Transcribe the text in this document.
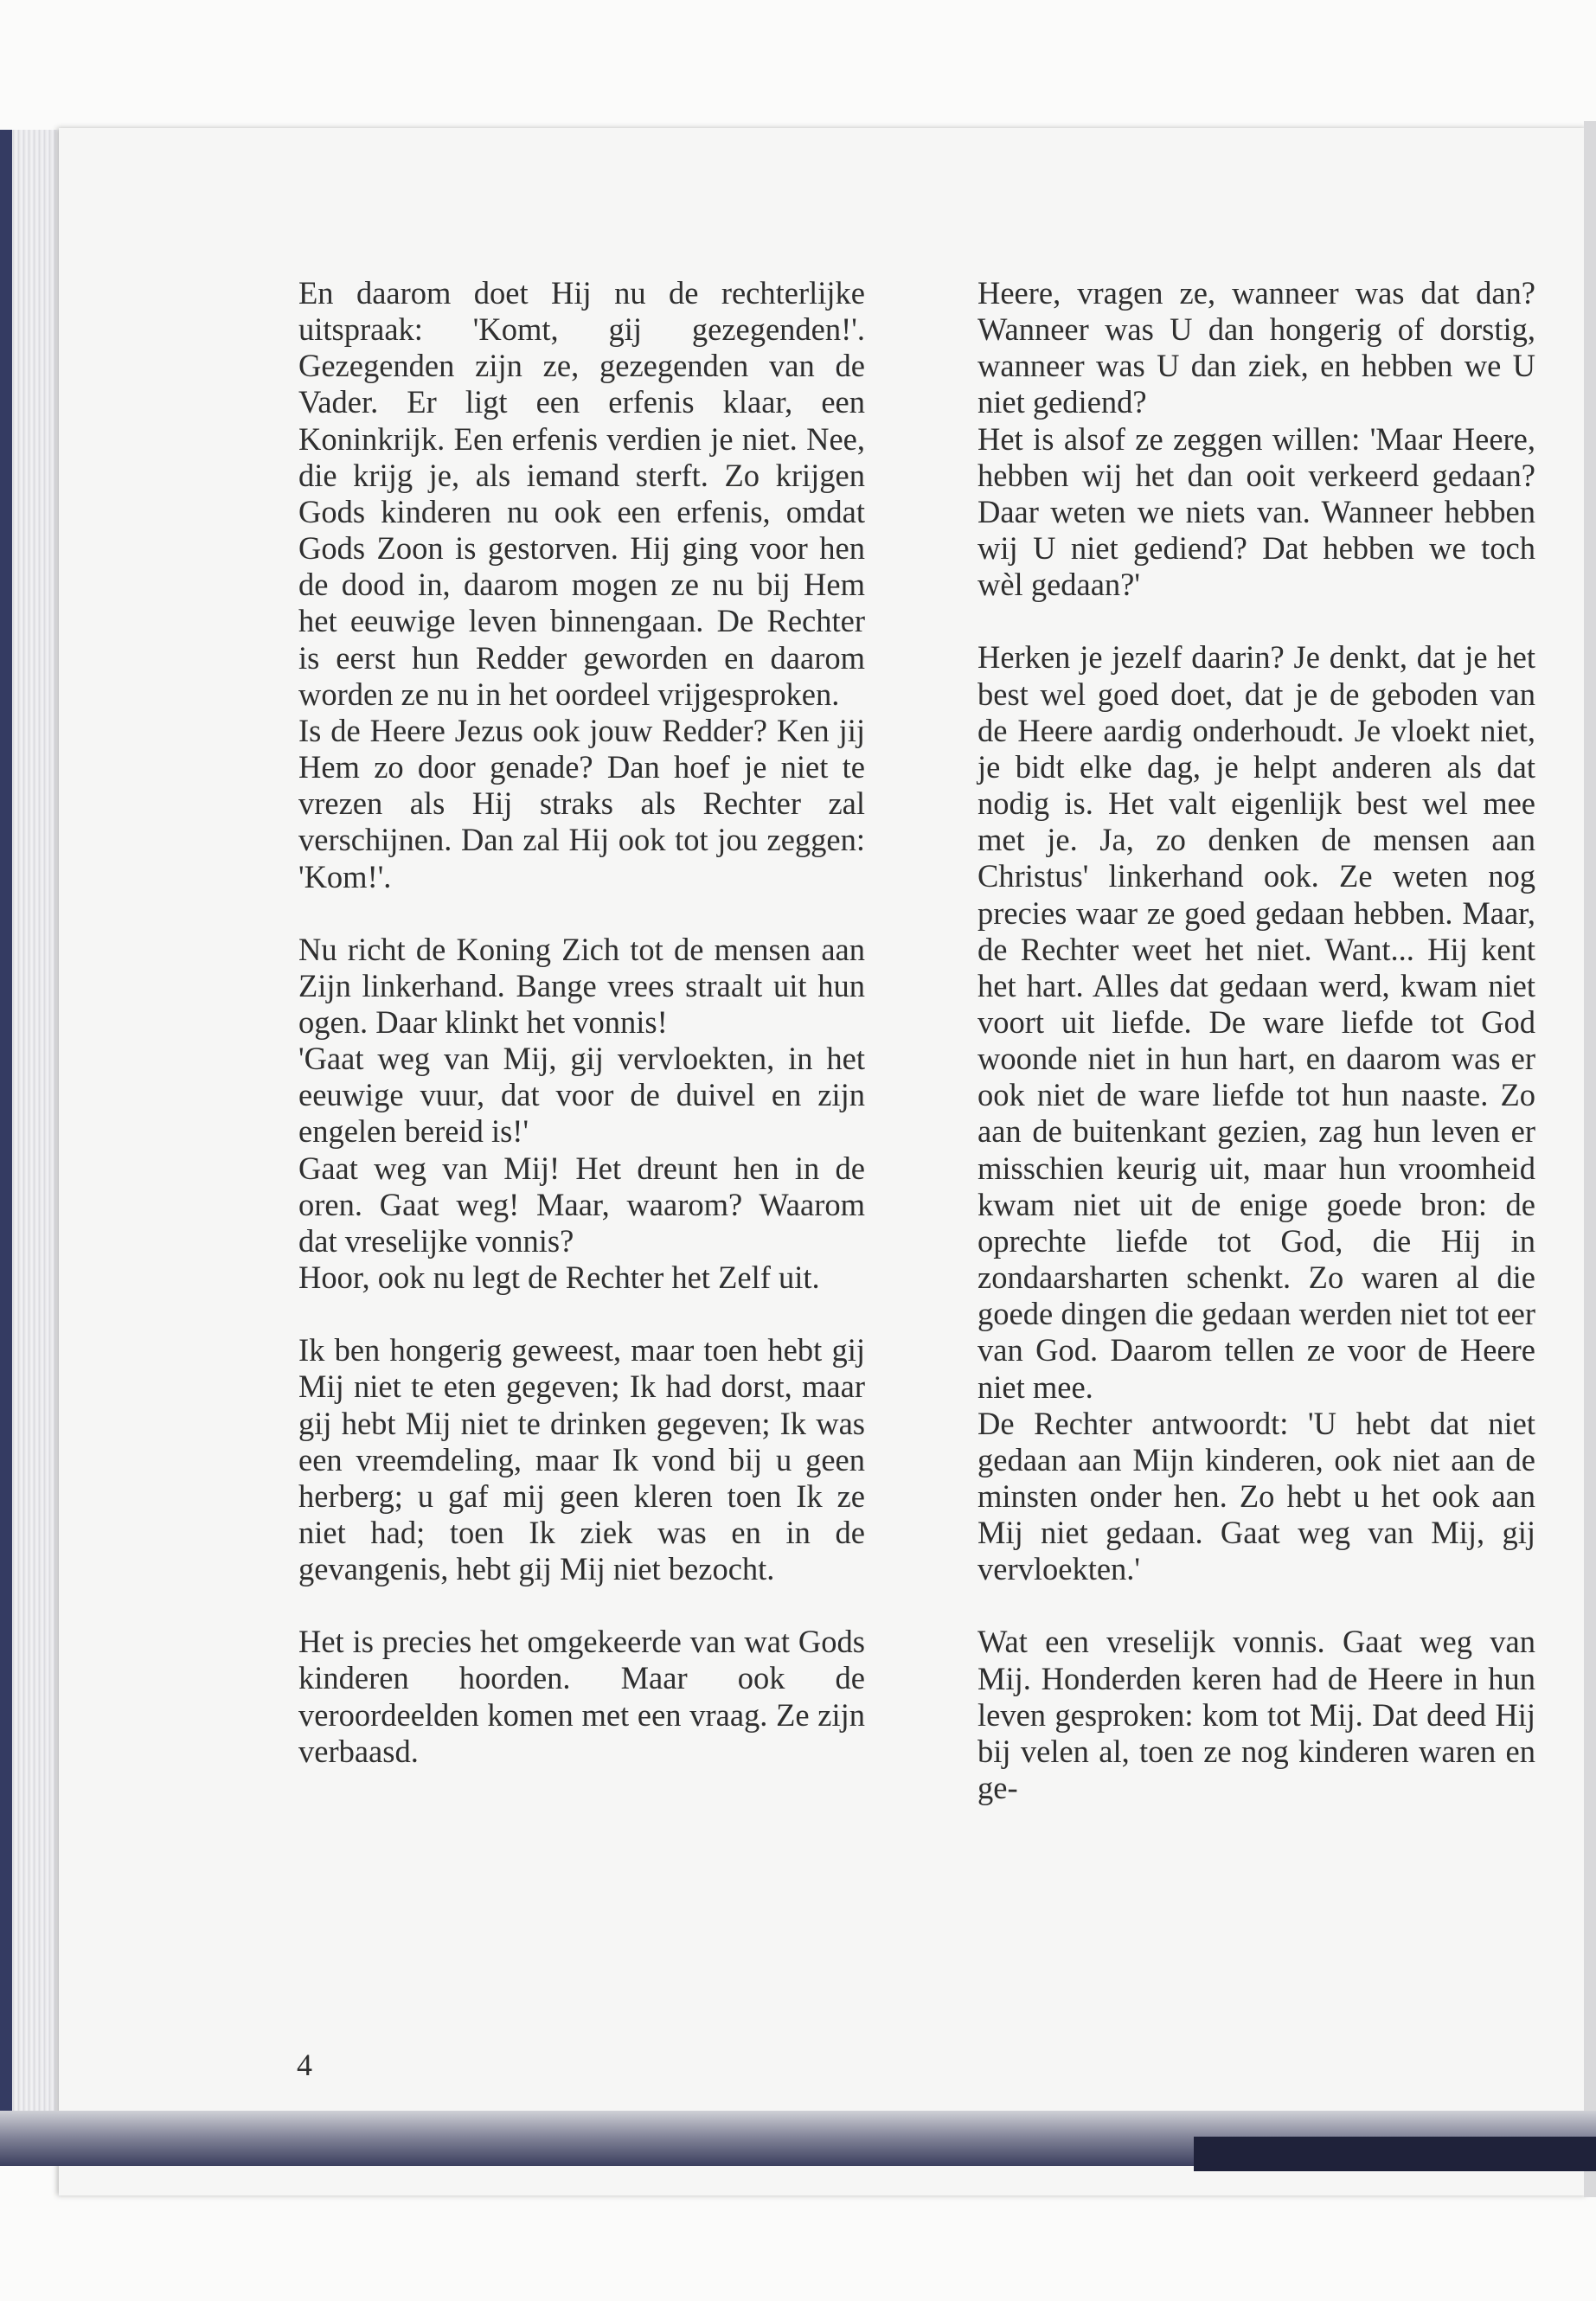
En daarom doet Hij nu de rechterlijke uitspraak: 'Komt, gij gezegenden!'. Gezegenden zijn ze, gezegenden van de Vader. Er ligt een erfenis klaar, een Koninkrijk. Een erfenis verdien je niet. Nee, die krijg je, als iemand sterft. Zo krijgen Gods kinderen nu ook een erfenis, omdat Gods Zoon is gestorven. Hij ging voor hen de dood in, daarom mogen ze nu bij Hem het eeuwige leven binnengaan. De Rechter is eerst hun Redder geworden en daarom worden ze nu in het oordeel vrijgesproken.

Is de Heere Jezus ook jouw Redder? Ken jij Hem zo door genade? Dan hoef je niet te vrezen als Hij straks als Rechter zal verschijnen. Dan zal Hij ook tot jou zeggen: 'Kom!'.

Nu richt de Koning Zich tot de mensen aan Zijn linkerhand. Bange vrees straalt uit hun ogen. Daar klinkt het vonnis!

'Gaat weg van Mij, gij vervloekten, in het eeuwige vuur, dat voor de duivel en zijn engelen bereid is!'

Gaat weg van Mij! Het dreunt hen in de oren. Gaat weg! Maar, waarom? Waarom dat vreselijke vonnis?

Hoor, ook nu legt de Rechter het Zelf uit.

Ik ben hongerig geweest, maar toen hebt gij Mij niet te eten gegeven; Ik had dorst, maar gij hebt Mij niet te drinken gegeven; Ik was een vreemdeling, maar Ik vond bij u geen herberg; u gaf mij geen kleren toen Ik ze niet had; toen Ik ziek was en in de gevangenis, hebt gij Mij niet bezocht.

Het is precies het omgekeerde van wat Gods kinderen hoorden. Maar ook de veroordeelden komen met een vraag. Ze zijn verbaasd.

Heere, vragen ze, wanneer was dat dan? Wanneer was U dan hongerig of dorstig, wanneer was U dan ziek, en hebben we U niet gediend?

Het is alsof ze zeggen willen: 'Maar Heere, hebben wij het dan ooit verkeerd gedaan? Daar weten we niets van. Wanneer hebben wij U niet gediend? Dat hebben we toch wèl gedaan?'

Herken je jezelf daarin? Je denkt, dat je het best wel goed doet, dat je de geboden van de Heere aardig onderhoudt. Je vloekt niet, je bidt elke dag, je helpt anderen als dat nodig is. Het valt eigenlijk best wel mee met je. Ja, zo denken de mensen aan Christus' linkerhand ook. Ze weten nog precies waar ze goed gedaan hebben. Maar, de Rechter weet het niet. Want... Hij kent het hart. Alles dat gedaan werd, kwam niet voort uit liefde. De ware liefde tot God woonde niet in hun hart, en daarom was er ook niet de ware liefde tot hun naaste. Zo aan de buitenkant gezien, zag hun leven er misschien keurig uit, maar hun vroomheid kwam niet uit de enige goede bron: de oprechte liefde tot God, die Hij in zondaarsharten schenkt. Zo waren al die goede dingen die gedaan werden niet tot eer van God. Daarom tellen ze voor de Heere niet mee.

De Rechter antwoordt: 'U hebt dat niet gedaan aan Mijn kinderen, ook niet aan de minsten onder hen. Zo hebt u het ook aan Mij niet gedaan. Gaat weg van Mij, gij vervloekten.'

Wat een vreselijk vonnis. Gaat weg van Mij. Honderden keren had de Heere in hun leven gesproken: kom tot Mij. Dat deed Hij bij velen al, toen ze nog kinderen waren en ge-

4
